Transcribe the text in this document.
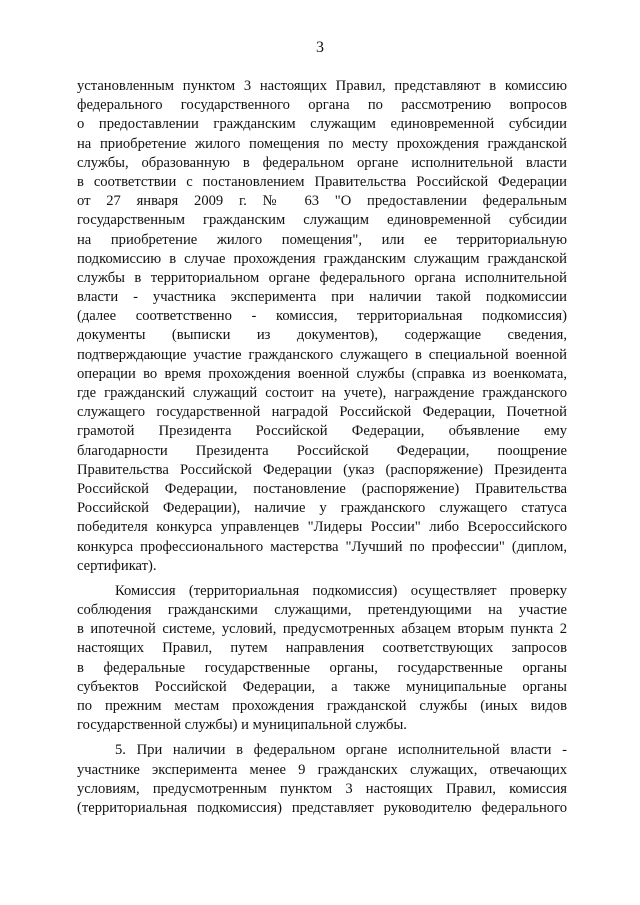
3
установленным пунктом 3 настоящих Правил, представляют в комиссию
федерального государственного органа по рассмотрению вопросов
о предоставлении гражданским служащим единовременной субсидии
на приобретение жилого помещения по месту прохождения гражданской
службы, образованную в федеральном органе исполнительной власти
в соответствии с постановлением Правительства Российской Федерации
от 27 января 2009 г. № 63 "О предоставлении федеральным
государственным гражданским служащим единовременной субсидии
на приобретение жилого помещения", или ее территориальную
подкомиссию в случае прохождения гражданским служащим гражданской
службы в территориальном органе федерального органа исполнительной
власти - участника эксперимента при наличии такой подкомиссии
(далее соответственно - комиссия, территориальная подкомиссия)
документы (выписки из документов), содержащие сведения,
подтверждающие участие гражданского служащего в специальной военной
операции во время прохождения военной службы (справка из военкомата,
где гражданский служащий состоит на учете), награждение гражданского
служащего государственной наградой Российской Федерации, Почетной
грамотой Президента Российской Федерации, объявление ему
благодарности Президента Российской Федерации, поощрение
Правительства Российской Федерации (указ (распоряжение) Президента
Российской Федерации, постановление (распоряжение) Правительства
Российской Федерации), наличие у гражданского служащего статуса
победителя конкурса управленцев "Лидеры России" либо Всероссийского
конкурса профессионального мастерства "Лучший по профессии" (диплом,
сертификат).
Комиссия (территориальная подкомиссия) осуществляет проверку
соблюдения гражданскими служащими, претендующими на участие
в ипотечной системе, условий, предусмотренных абзацем вторым пункта 2
настоящих Правил, путем направления соответствующих запросов
в федеральные государственные органы, государственные органы
субъектов Российской Федерации, а также муниципальные органы
по прежним местам прохождения гражданской службы (иных видов
государственной службы) и муниципальной службы.
5. При наличии в федеральном органе исполнительной власти -
участнике эксперимента менее 9 гражданских служащих, отвечающих
условиям, предусмотренным пунктом 3 настоящих Правил, комиссия
(территориальная подкомиссия) представляет руководителю федерального
